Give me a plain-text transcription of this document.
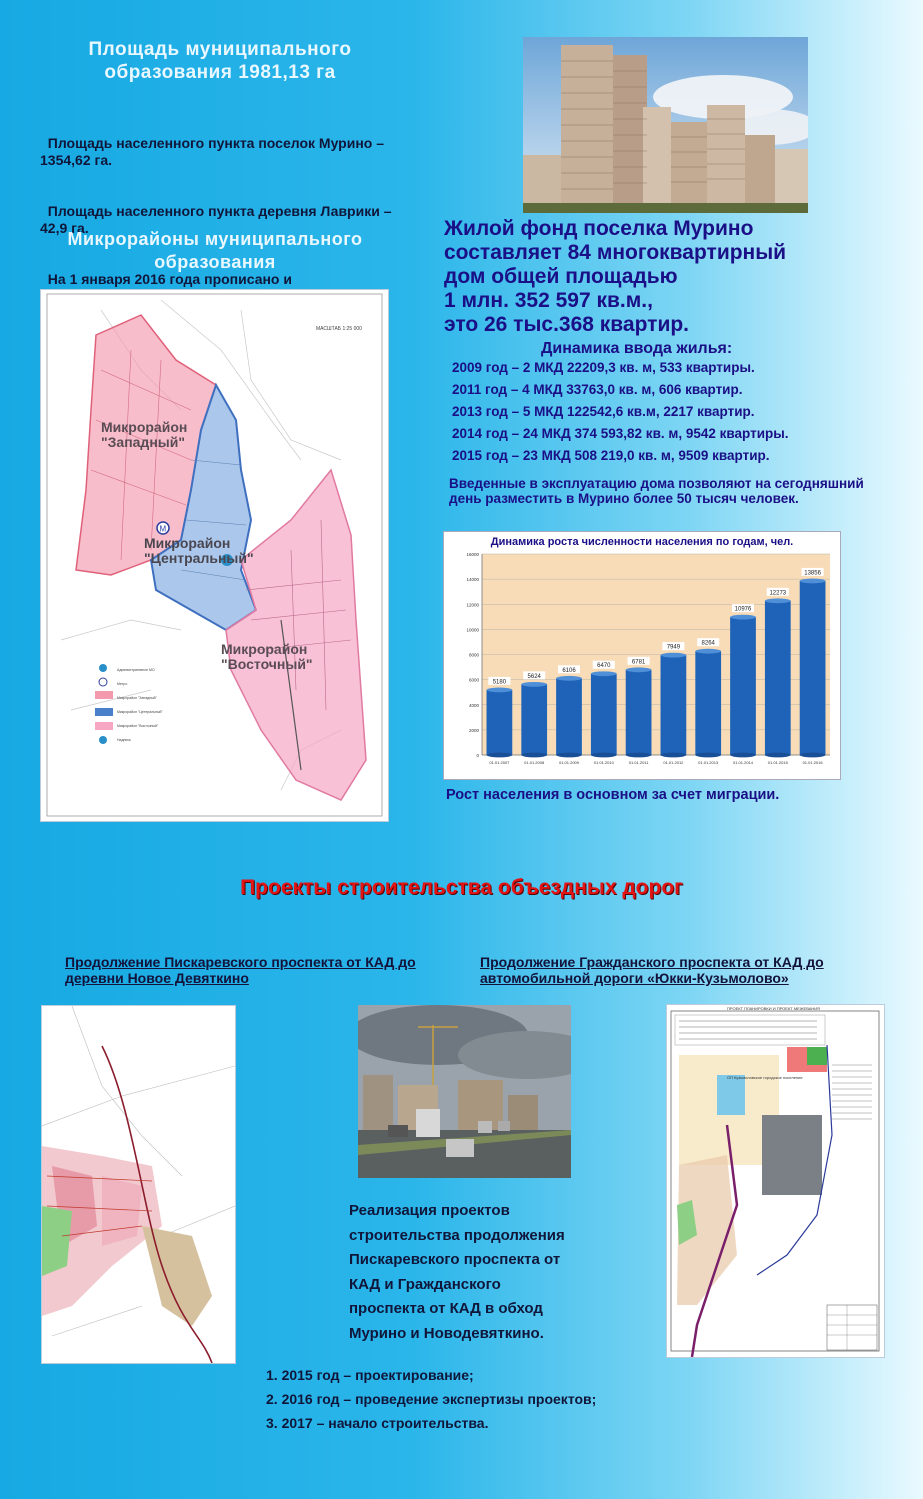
Площадь муниципального образования 1981,13 га

Площадь населенного пункта поселок Мурино – 1354,62 га.

Площадь населенного пункта деревня Лаврики – 42,9 га.

На 1 января 2016 года прописано и

Микрорайоны муниципального образования
M
МАСШТАБ 1:25 000
Микрорайон
"Западный"
Микрорайон
"Центральный"
Микрорайон
"Восточный"
Административное МО
Метро
Микрорайон "Западный"
Микрорайон "Центральный"
Микрорайон "Восточный"
Надпись
Жилой фонд поселка Мурино
составляет 84 многоквартирный
дом общей площадью
1 млн. 352 597 кв.м.,
это 26 тыс.368 квартир.
Динамика ввода жилья:
2009 год – 2 МКД 22209,3 кв. м, 533 квартиры.
2011 год – 4 МКД 33763,0 кв. м, 606 квартир.
2013 год – 5 МКД 122542,6 кв.м, 2217 квартир.
2014 год – 24 МКД 374 593,82 кв. м, 9542 квартиры.
2015 год – 23 МКД 508 219,0 кв. м, 9509 квартир.
Введенные в эксплуатацию дома позволяют на сегодняшний день разместить в Мурино более 50 тысяч человек.
Динамика роста численности населения по годам, чел.
0
2000
4000
6000
8000
10000
12000
14000
16000
5180
01.01.2007
5624
01.01.2008
6106
01.01.2009
6470
01.01.2010
6781
01.01.2011
7949
01.01.2012
8264
01.01.2013
10976
01.01.2014
12273
01.01.2015
13856
01.01.2016
Рост населения в основном за счет миграции.
Проекты строительства объездных дорог
Продолжение Пискаревского проспекта от КАД до деревни Новое Девяткино
Продолжение Гражданского проспекта от КАД до автомобильной дороги «Юкки-Кузьмолово»
Реализация проектов
строительства продолжения
Пискаревского проспекта от
КАД и Гражданского
проспекта от КАД в обход
Мурино и Новодевяткино.
ПРОЕКТ ПЛАНИРОВКИ И ПРОЕКТ МЕЖЕВАНИЯ
ОП Кузьмоловское городское поселение
1. 2015 год – проектирование;
2. 2016 год – проведение экспертизы проектов;
3. 2017 – начало строительства.
